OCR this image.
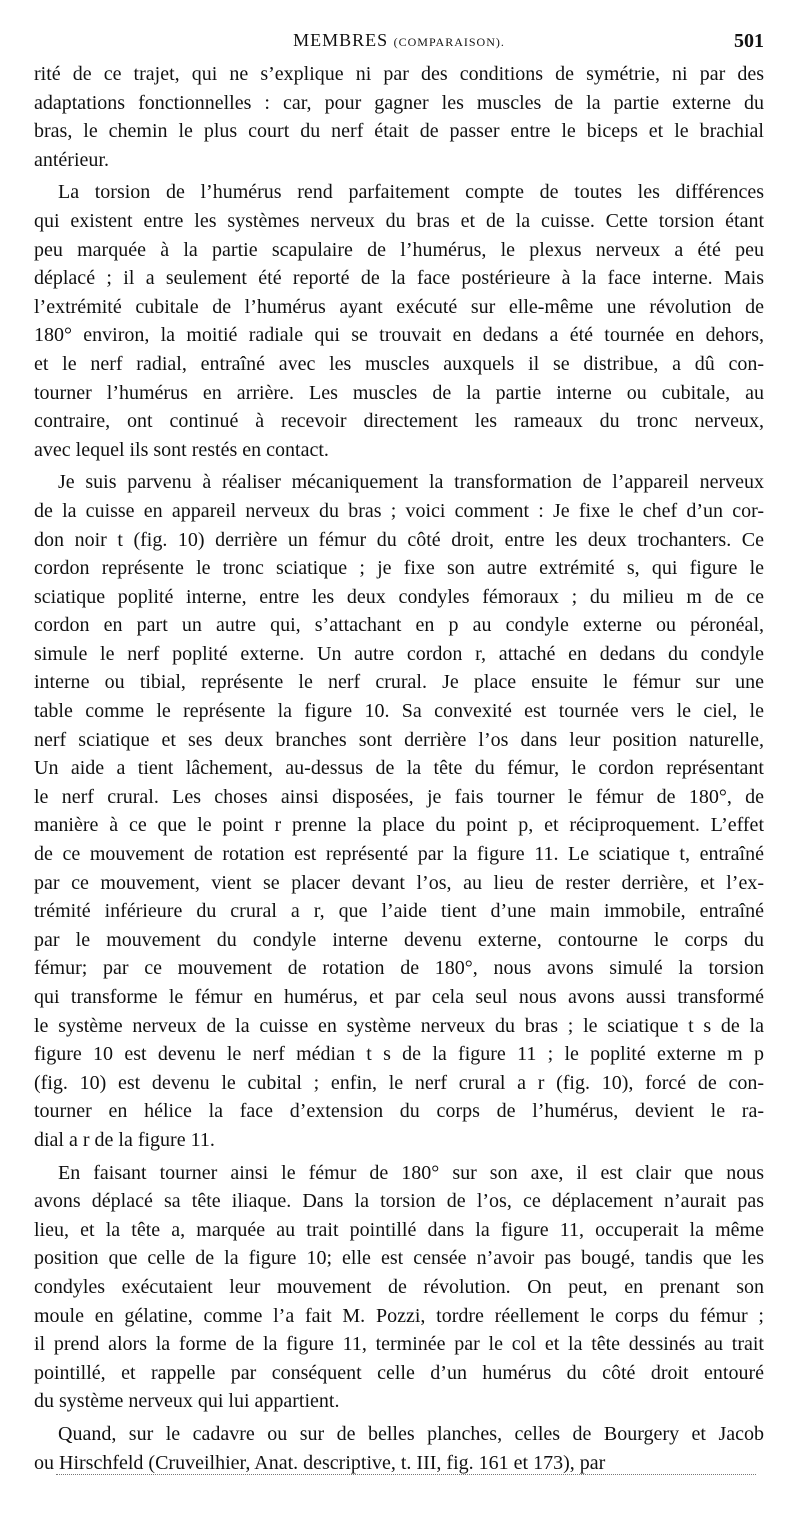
MEMBRES (COMPARAISON).	501
rité de ce trajet, qui ne s’explique ni par des conditions de symétrie, ni par des
adaptations fonctionnelles : car, pour gagner les muscles de la partie externe du
bras, le chemin le plus court du nerf était de passer entre le biceps et le brachial
antérieur.
La torsion de l’humérus rend parfaitement compte de toutes les différences
qui existent entre les systèmes nerveux du bras et de la cuisse. Cette torsion étant
peu marquée à la partie scapulaire de l’humérus, le plexus nerveux a été peu
déplacé ; il a seulement été reporté de la face postérieure à la face interne. Mais
l’extrémité cubitale de l’humérus ayant exécuté sur elle-même une révolution de
180° environ, la moitié radiale qui se trouvait en dedans a été tournée en dehors,
et le nerf radial, entraîné avec les muscles auxquels il se distribue, a dû con-
tourner l’humérus en arrière. Les muscles de la partie interne ou cubitale, au
contraire, ont continué à recevoir directement les rameaux du tronc nerveux,
avec lequel ils sont restés en contact.
Je suis parvenu à réaliser mécaniquement la transformation de l’appareil nerveux
de la cuisse en appareil nerveux du bras ; voici comment : Je fixe le chef d’un cor-
don noir t (fig. 10) derrière un fémur du côté droit, entre les deux trochanters. Ce
cordon représente le tronc sciatique ; je fixe son autre extrémité s, qui figure le
sciatique poplité interne, entre les deux condyles fémoraux ; du milieu m de ce
cordon en part un autre qui, s’attachant en p au condyle externe ou péronéal,
simule le nerf poplité externe. Un autre cordon r, attaché en dedans du condyle
interne ou tibial, représente le nerf crural. Je place ensuite le fémur sur une
table comme le représente la figure 10. Sa convexité est tournée vers le ciel, le
nerf sciatique et ses deux branches sont derrière l’os dans leur position naturelle,
Un aide a tient lâchement, au-dessus de la tête du fémur, le cordon représentant
le nerf crural. Les choses ainsi disposées, je fais tourner le fémur de 180°, de
manière à ce que le point r prenne la place du point p, et réciproquement. L’effet
de ce mouvement de rotation est représenté par la figure 11. Le sciatique t, entraîné
par ce mouvement, vient se placer devant l’os, au lieu de rester derrière, et l’ex-
trémité inférieure du crural a r, que l’aide tient d’une main immobile, entraîné
par le mouvement du condyle interne devenu externe, contourne le corps du
fémur; par ce mouvement de rotation de 180°, nous avons simulé la torsion
qui transforme le fémur en humérus, et par cela seul nous avons aussi transformé
le système nerveux de la cuisse en système nerveux du bras ; le sciatique t s de la
figure 10 est devenu le nerf médian t s de la figure 11 ; le poplité externe m p
(fig. 10) est devenu le cubital ; enfin, le nerf crural a r (fig. 10), forcé de con-
tourner en hélice la face d’extension du corps de l’humérus, devient le ra-
dial a r de la figure 11.
En faisant tourner ainsi le fémur de 180° sur son axe, il est clair que nous
avons déplacé sa tête iliaque. Dans la torsion de l’os, ce déplacement n’aurait pas
lieu, et la tête a, marquée au trait pointillé dans la figure 11, occuperait la même
position que celle de la figure 10; elle est censée n’avoir pas bougé, tandis que les
condyles exécutaient leur mouvement de révolution. On peut, en prenant son
moule en gélatine, comme l’a fait M. Pozzi, tordre réellement le corps du fémur ;
il prend alors la forme de la figure 11, terminée par le col et la tête dessinés au trait
pointillé, et rappelle par conséquent celle d’un humérus du côté droit entouré
du système nerveux qui lui appartient.
Quand, sur le cadavre ou sur de belles planches, celles de Bourgery et Jacob
ou Hirschfeld (Cruveilhier, Anat. descriptive, t. III, fig. 161 et 173), par
